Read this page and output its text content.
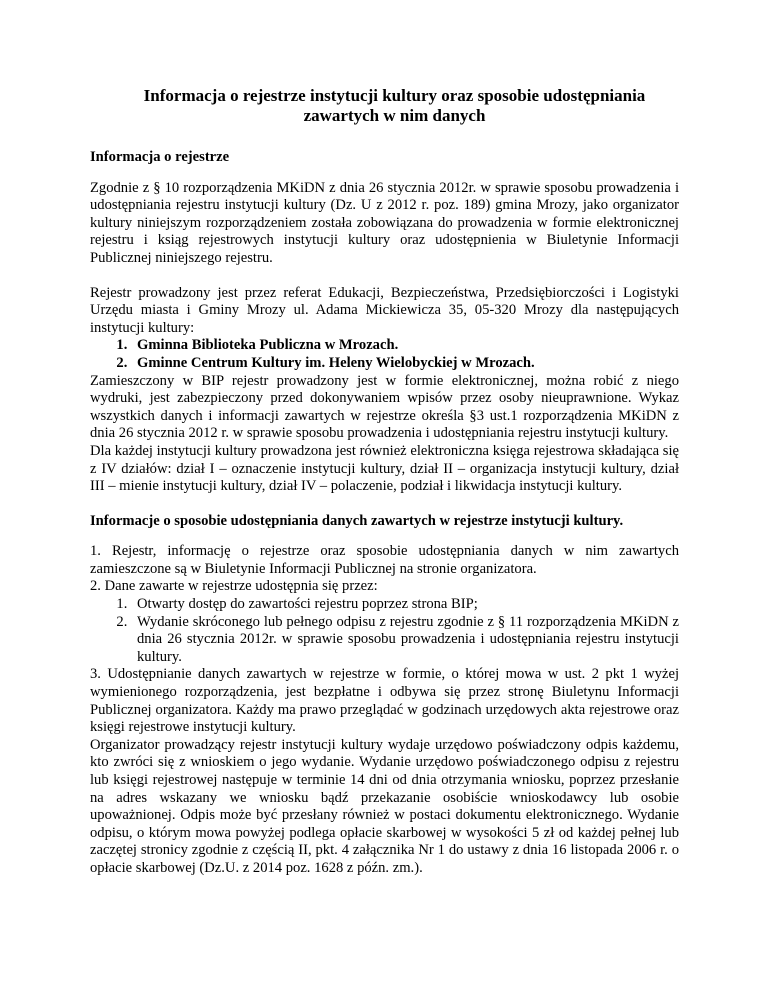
Informacja o rejestrze instytucji kultury oraz sposobie udostępniania
zawartych w nim danych
Informacja o rejestrze

Zgodnie z § 10 rozporządzenia MKiDN z dnia 26 stycznia 2012r. w sprawie sposobu prowadzenia i udostępniania rejestru instytucji kultury (Dz. U z 2012 r. poz. 189) gmina Mrozy, jako organizator kultury niniejszym rozporządzeniem została zobowiązana do prowadzenia w formie elektronicznej rejestru i ksiąg rejestrowych instytucji kultury oraz udostępnienia w Biuletynie Informacji Publicznej niniejszego rejestru.

Rejestr prowadzony jest przez referat Edukacji, Bezpieczeństwa, Przedsiębiorczości i Logistyki Urzędu miasta i Gminy Mrozy ul. Adama Mickiewicza 35, 05-320 Mrozy dla następujących instytucji kultury:

1. Gminna Biblioteka Publiczna w Mrozach.
2. Gminne Centrum Kultury im. Heleny Wielobyckiej w Mrozach.

Zamieszczony w BIP rejestr prowadzony jest w formie elektronicznej, można robić z niego wydruki, jest zabezpieczony przed dokonywaniem wpisów przez osoby nieuprawnione. Wykaz wszystkich danych i informacji zawartych w rejestrze określa §3 ust.1 rozporządzenia MKiDN z dnia 26 stycznia 2012 r. w sprawie sposobu prowadzenia i udostępniania rejestru instytucji kultury.

Dla każdej instytucji kultury prowadzona jest również elektroniczna księga rejestrowa składająca się z IV działów: dział I – oznaczenie instytucji kultury, dział II – organizacja instytucji kultury, dział III – mienie instytucji kultury, dział IV – polaczenie, podział i likwidacja instytucji kultury.

Informacje o sposobie udostępniania danych zawartych w rejestrze instytucji kultury.

1. Rejestr, informację o rejestrze oraz sposobie udostępniania danych w nim zawartych zamieszczone są w Biuletynie Informacji Publicznej na stronie organizatora.

2. Dane zawarte w rejestrze udostępnia się przez:

1. Otwarty dostęp do zawartości rejestru poprzez strona BIP;
2. Wydanie skróconego lub pełnego odpisu z rejestru zgodnie z § 11 rozporządzenia MKiDN z dnia 26 stycznia 2012r. w sprawie sposobu prowadzenia i udostępniania rejestru instytucji kultury.

3. Udostępnianie danych zawartych w rejestrze w formie, o której mowa w ust. 2 pkt 1 wyżej wymienionego rozporządzenia, jest bezpłatne i odbywa się przez stronę Biuletynu Informacji Publicznej organizatora. Każdy ma prawo przeglądać w godzinach urzędowych akta rejestrowe oraz księgi rejestrowe instytucji kultury.

Organizator prowadzący rejestr instytucji kultury wydaje urzędowo poświadczony odpis każdemu, kto zwróci się z wnioskiem o jego wydanie. Wydanie urzędowo poświadczonego odpisu z rejestru lub księgi rejestrowej następuje w terminie 14 dni od dnia otrzymania wniosku, poprzez przesłanie na adres wskazany we wniosku bądź przekazanie osobiście wnioskodawcy lub osobie upoważnionej. Odpis może być przesłany również w postaci dokumentu elektronicznego. Wydanie odpisu, o którym mowa powyżej podlega opłacie skarbowej w wysokości 5 zł od każdej pełnej lub zaczętej stronicy zgodnie z częścią II, pkt. 4 załącznika Nr 1 do ustawy z dnia 16 listopada 2006 r. o opłacie skarbowej (Dz.U. z 2014 poz. 1628 z późn. zm.).
